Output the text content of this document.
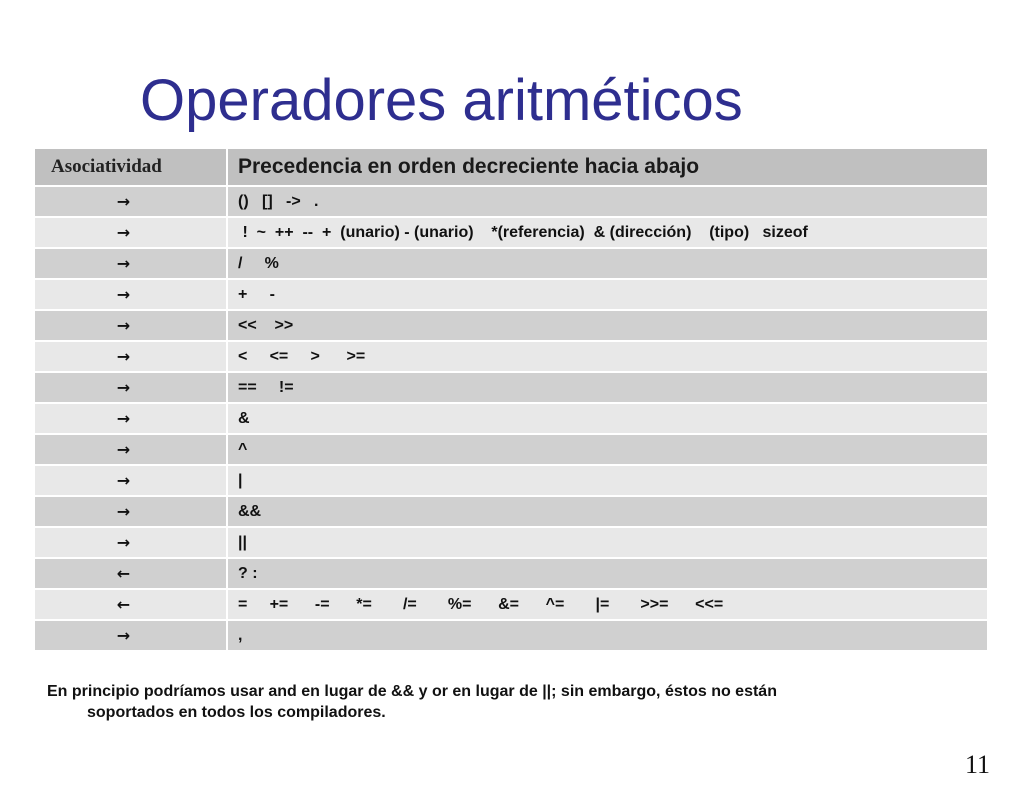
Operadores aritméticos
Asociatividad	Precedencia en orden decreciente hacia abajo
→	()   []   ->   .
→	!  ~  ++  --  +  (unario) - (unario)    *(referencia)  & (dirección)    (tipo)   sizeof
→	/     %
→	+     -
→	<<    >>
→	<     <=     >      >=
→	==     !=
→	&
→	^
→	|
→	&&
→	||
←	? :
←	=     +=      -=      *=       /=       %=      &=      ^=       |=       >>=      <<=
→	,

En principio podríamos usar and en lugar de && y or en lugar de ||; sin embargo, éstos no están
soportados en todos los compiladores.

11
